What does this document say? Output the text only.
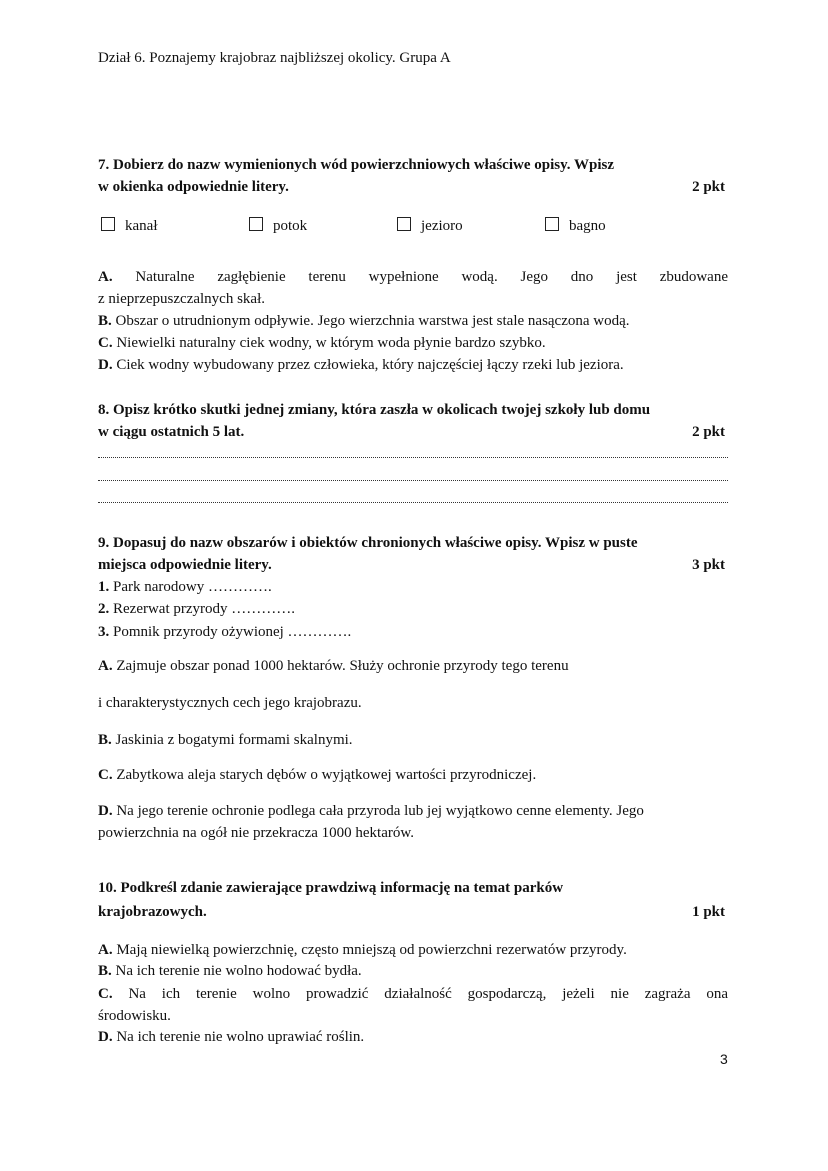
Dział 6. Poznajemy krajobraz najbliższej okolicy. Grupa A
7. Dobierz do nazw wymienionych wód powierzchniowych właściwe opisy. Wpisz
w okienka odpowiednie litery.	2 pkt
kanał	potok	jezioro	bagno
A. Naturalne zagłębienie terenu wypełnione wodą. Jego dno jest zbudowane
z nieprzepuszczalnych skał.
B. Obszar o utrudnionym odpływie. Jego wierzchnia warstwa jest stale nasączona wodą.
C. Niewielki naturalny ciek wodny, w którym woda płynie bardzo szybko.
D. Ciek wodny wybudowany przez człowieka, który najczęściej łączy rzeki lub jeziora.
8. Opisz krótko skutki jednej zmiany, która zaszła w okolicach twojej szkoły lub domu
w ciągu ostatnich 5 lat.	2 pkt
9. Dopasuj do nazw obszarów i obiektów chronionych właściwe opisy. Wpisz w puste
miejsca odpowiednie litery.	3 pkt
1. Park narodowy ………….
2. Rezerwat przyrody ………….
3. Pomnik przyrody ożywionej ………….
A. Zajmuje obszar ponad 1000 hektarów. Służy ochronie przyrody tego terenu
i charakterystycznych cech jego krajobrazu.
B. Jaskinia z bogatymi formami skalnymi.
C. Zabytkowa aleja starych dębów o wyjątkowej wartości przyrodniczej.
D. Na jego terenie ochronie podlega cała przyroda lub jej wyjątkowo cenne elementy. Jego
powierzchnia na ogół nie przekracza 1000 hektarów.
10. Podkreśl zdanie zawierające prawdziwą informację na temat parków
krajobrazowych.	1 pkt
A. Mają niewielką powierzchnię, często mniejszą od powierzchni rezerwatów przyrody.
B. Na ich terenie nie wolno hodować bydła.
C. Na ich terenie wolno prowadzić działalność gospodarczą, jeżeli nie zagraża ona
środowisku.
D. Na ich terenie nie wolno uprawiać roślin.
3
